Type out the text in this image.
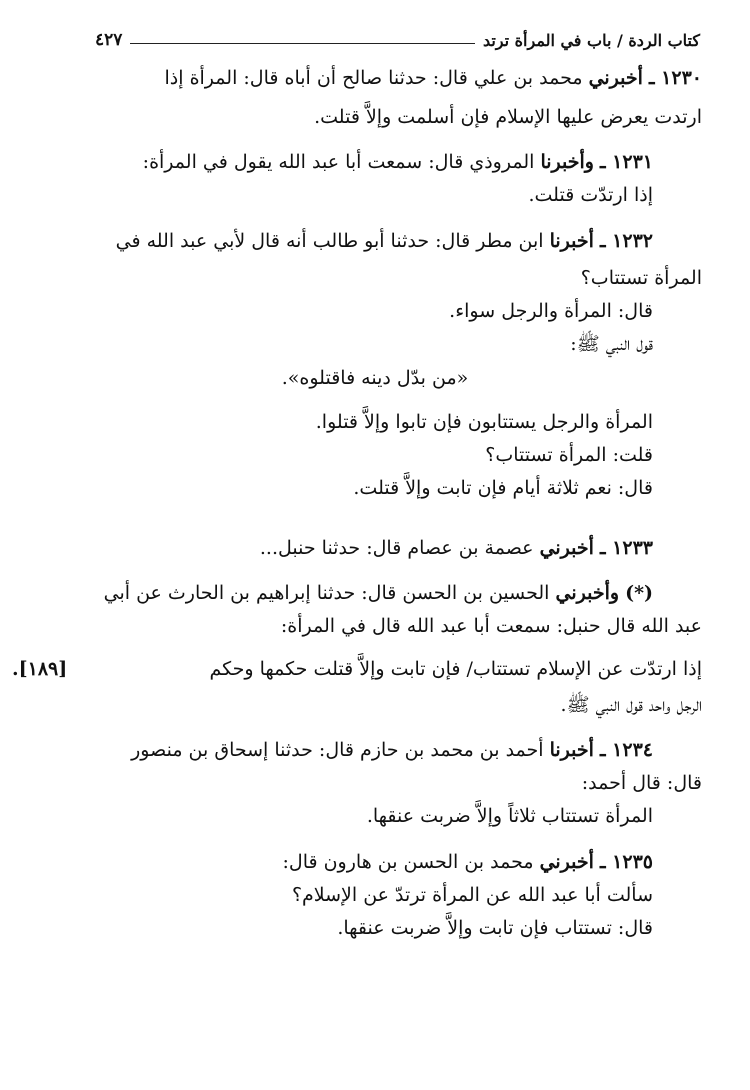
كتاب الردة / باب في المرأة ترتد
٤٢٧
١٢٣٠ ـ أخبرني محمد بن علي قال: حدثنا صالح أن أباه قال: المرأة إذا
ارتدت يعرض عليها الإسلام فإن أسلمت وإلاَّ قتلت.
١٢٣١ ـ وأخبرنا المروذي قال: سمعت أبا عبد الله يقول في المرأة:
إذا ارتدّت قتلت.
١٢٣٢ ـ أخبرنا ابن مطر قال: حدثنا أبو طالب أنه قال لأبي عبد الله في
المرأة تستتاب؟
قال: المرأة والرجل سواء.
قول النبي ﷺ:
«من بدّل دينه فاقتلوه».
المرأة والرجل يستتابون فإن تابوا وإلاَّ قتلوا.
قلت: المرأة تستتاب؟
قال: نعم ثلاثة أيام فإن تابت وإلاَّ قتلت.
١٢٣٣ ـ أخبرني عصمة بن عصام قال: حدثنا حنبل...
(*) وأخبرني الحسين بن الحسن قال: حدثنا إبراهيم بن الحارث عن أبي
عبد الله قال حنبل: سمعت أبا عبد الله قال في المرأة:
إذا ارتدّت عن الإسلام تستتاب/ فإن تابت وإلاَّ قتلت حكمها وحكم
.[١٨٩]
الرجل واحد قول النبي ﷺ.
١٢٣٤ ـ أخبرنا أحمد بن محمد بن حازم قال: حدثنا إسحاق بن منصور
قال: قال أحمد:
المرأة تستتاب ثلاثاً وإلاَّ ضربت عنقها.
١٢٣٥ ـ أخبرني محمد بن الحسن بن هارون قال:
سألت أبا عبد الله عن المرأة ترتدّ عن الإسلام؟
قال: تستتاب فإن تابت وإلاَّ ضربت عنقها.
